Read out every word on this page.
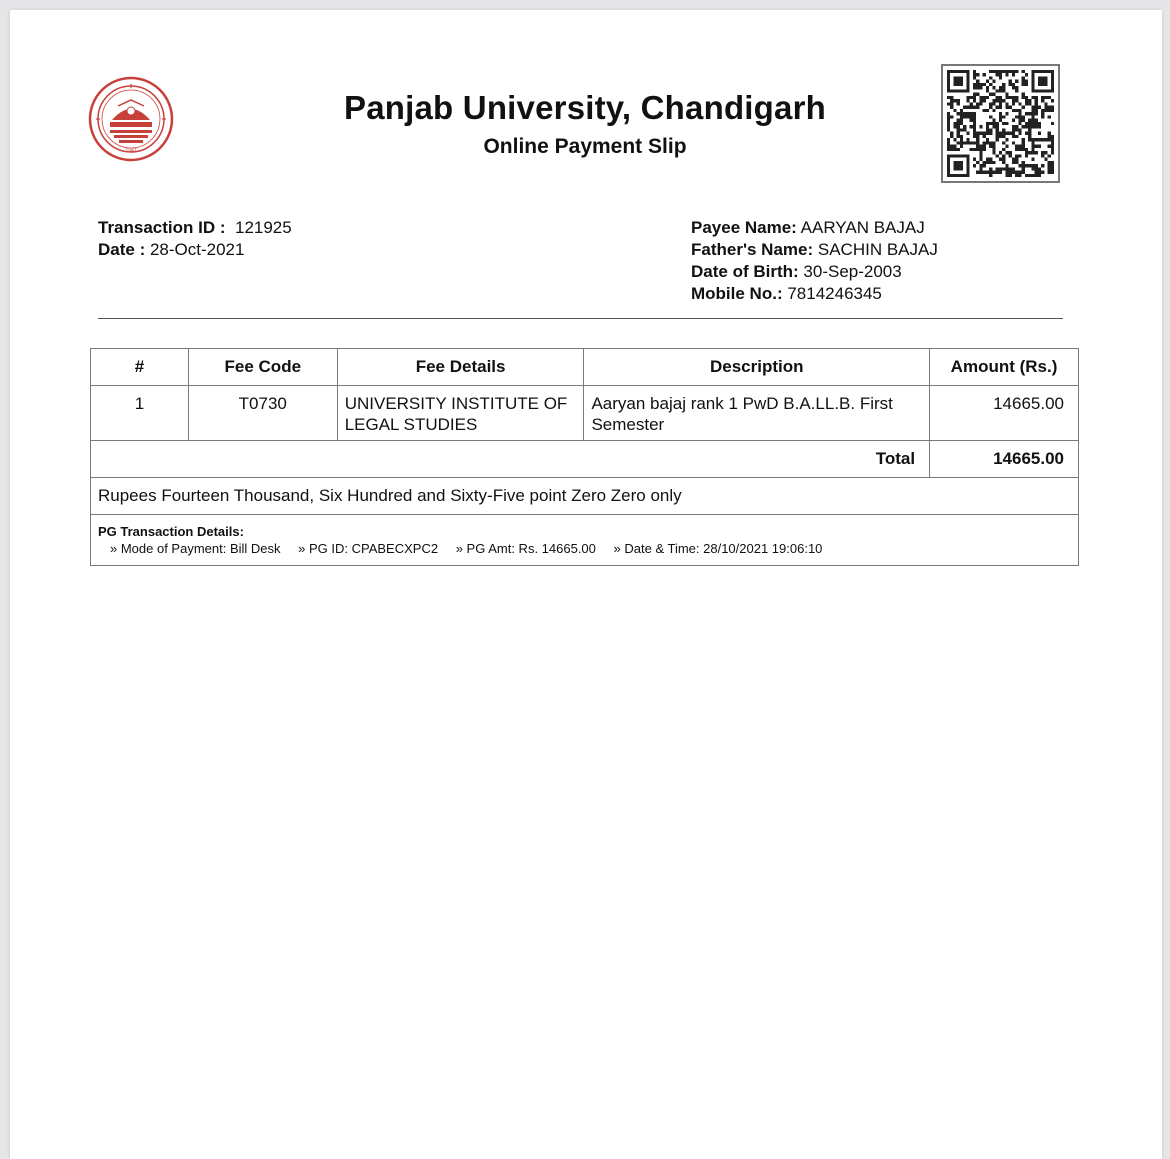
1947
Panjab University, Chandigarh
Online Payment Slip
Transaction ID : 121925
Date : 28-Oct-2021
Payee Name: AARYAN BAJAJ
Father's Name: SACHIN BAJAJ
Date of Birth: 30-Sep-2003
Mobile No.: 7814246345
#	Fee Code	Fee Details	Description	Amount (Rs.)
1	T0730	UNIVERSITY INSTITUTE OF LEGAL STUDIES	Aaryan bajaj rank 1 PwD B.A.LL.B. First Semester	14665.00
Total				14665.00
Rupees Fourteen Thousand, Six Hundred and Sixty-Five point Zero Zero only				

PG Transaction Details:
» Mode of Payment: Bill Desk » PG ID: CPABECXPC2 » PG Amt: Rs. 14665.00 » Date & Time: 28/10/2021 19:06:10				
